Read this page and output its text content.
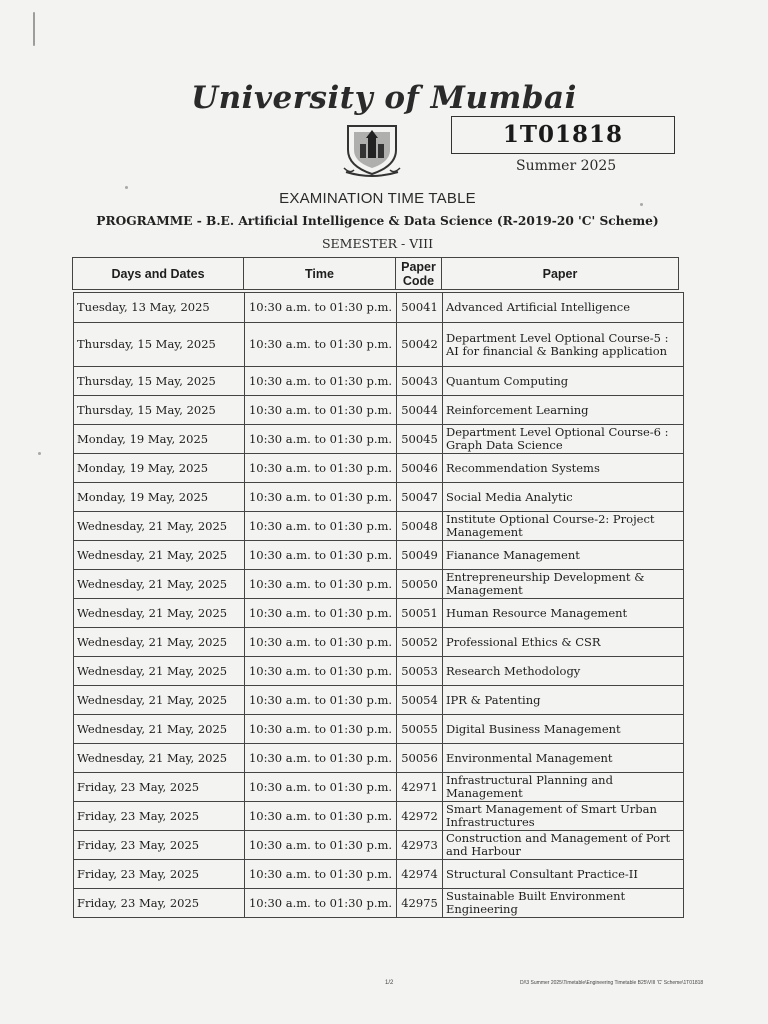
University of Mumbai
1T01818
Summer 2025
EXAMINATION TIME TABLE
PROGRAMME - B.E. Artificial Intelligence & Data Science (R-2019-20 'C' Scheme)
SEMESTER - VIII
Days and Dates	Time	Paper Code	Paper
Tuesday, 13 May, 2025	10:30 a.m. to 01:30 p.m.	50041	Advanced Artificial Intelligence
Thursday, 15 May, 2025	10:30 a.m. to 01:30 p.m.	50042	Department Level Optional Course-5 : AI for financial & Banking application
Thursday, 15 May, 2025	10:30 a.m. to 01:30 p.m.	50043	Quantum Computing
Thursday, 15 May, 2025	10:30 a.m. to 01:30 p.m.	50044	Reinforcement Learning
Monday, 19 May, 2025	10:30 a.m. to 01:30 p.m.	50045	Department Level Optional Course-6 : Graph Data Science
Monday, 19 May, 2025	10:30 a.m. to 01:30 p.m.	50046	Recommendation Systems
Monday, 19 May, 2025	10:30 a.m. to 01:30 p.m.	50047	Social Media Analytic
Wednesday, 21 May, 2025	10:30 a.m. to 01:30 p.m.	50048	Institute Optional Course-2: Project Management
Wednesday, 21 May, 2025	10:30 a.m. to 01:30 p.m.	50049	Fianance Management
Wednesday, 21 May, 2025	10:30 a.m. to 01:30 p.m.	50050	Entrepreneurship Development & Management
Wednesday, 21 May, 2025	10:30 a.m. to 01:30 p.m.	50051	Human Resource Management
Wednesday, 21 May, 2025	10:30 a.m. to 01:30 p.m.	50052	Professional Ethics & CSR
Wednesday, 21 May, 2025	10:30 a.m. to 01:30 p.m.	50053	Research Methodology
Wednesday, 21 May, 2025	10:30 a.m. to 01:30 p.m.	50054	IPR & Patenting
Wednesday, 21 May, 2025	10:30 a.m. to 01:30 p.m.	50055	Digital Business Management
Wednesday, 21 May, 2025	10:30 a.m. to 01:30 p.m.	50056	Environmental Management
Friday, 23 May, 2025	10:30 a.m. to 01:30 p.m.	42971	Infrastructural Planning and Management
Friday, 23 May, 2025	10:30 a.m. to 01:30 p.m.	42972	Smart Management of Smart Urban Infrastructures
Friday, 23 May, 2025	10:30 a.m. to 01:30 p.m.	42973	Construction and Management of Port and Harbour
Friday, 23 May, 2025	10:30 a.m. to 01:30 p.m.	42974	Structural Consultant Practice-II
Friday, 23 May, 2025	10:30 a.m. to 01:30 p.m.	42975	Sustainable Built Environment Engineering
1/2	D/\3 Summer 2025\Timetable\Engineering Timetable B25\VIII 'C' Scheme\1T01818
